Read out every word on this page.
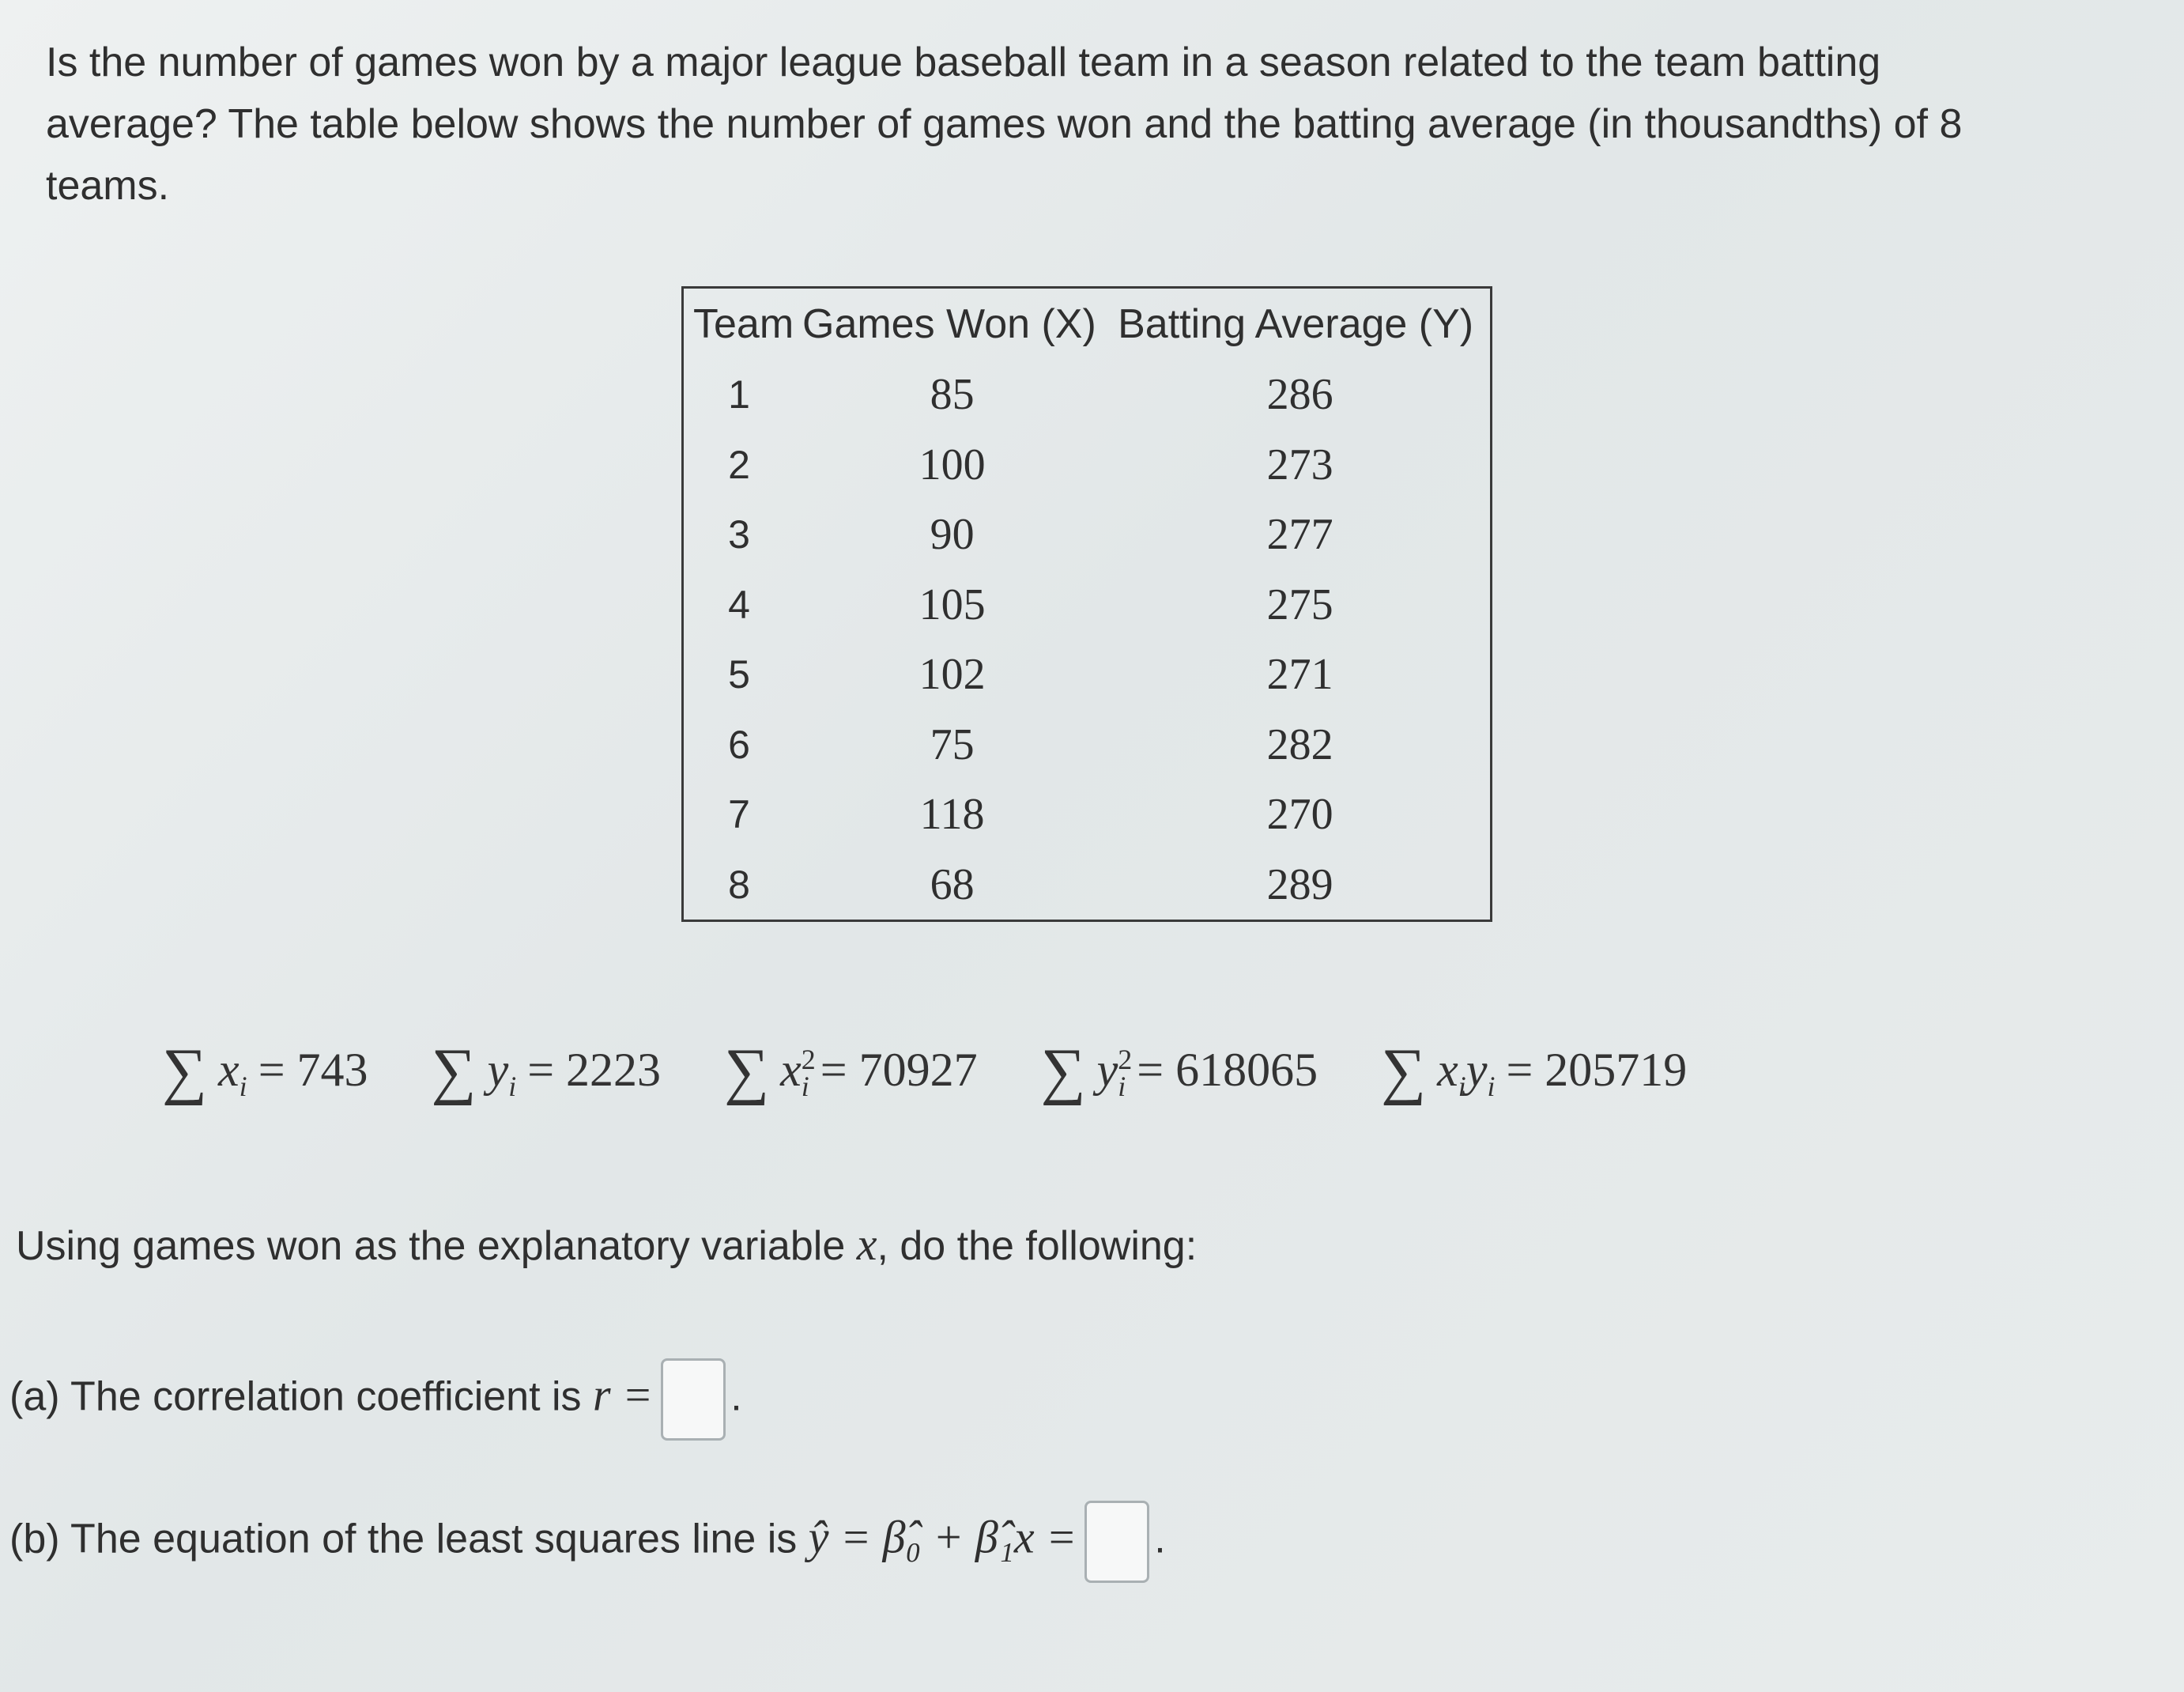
Is the number of games won by a major league baseball team in a season related to the team batting
average? The table below shows the number of games won and the batting average (in thousandths) of 8
teams.
Team	Games Won (X)	Batting Average (Y)
1	85	286
2	100	273
3	90	277
4	105	275
5	102	271
6	75	282
7	118	270
8	68	289
∑ $x_i = 743$ ∑ $y_i = 2223$ ∑ $x^2_i = 70927$ ∑ $y^2_i = 618065$ ∑ $x_iy_i = 205719$
Using games won as the explanatory variable x, do the following:
(a) The correlation coefficient is r = .
(b) The equation of the least squares line is ŷ = β̂₀ + β̂₁x = .
